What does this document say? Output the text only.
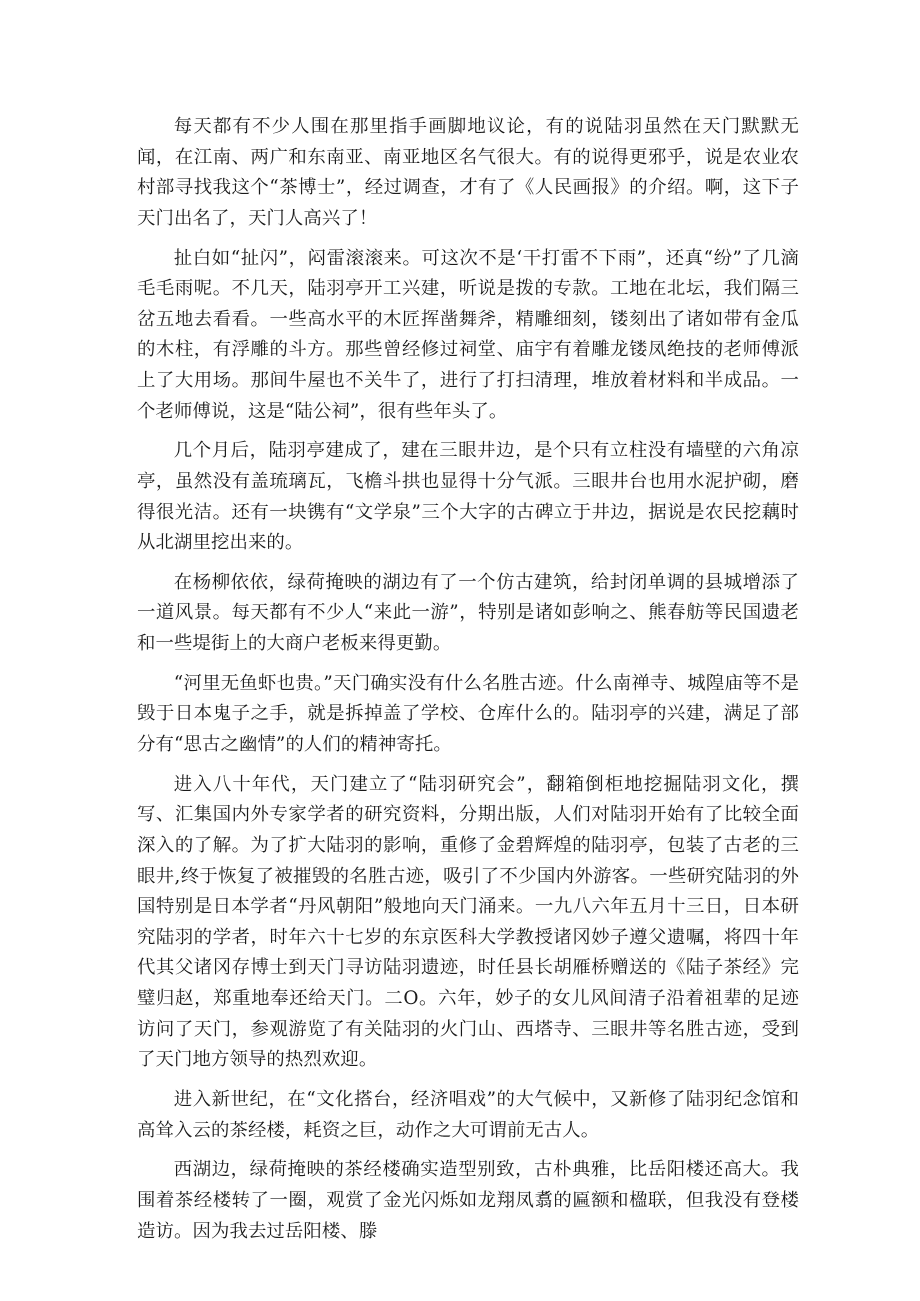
每天都有不少人围在那里指手画脚地议论，有的说陆羽虽然在天门默默无闻，在江南、两广和东南亚、南亚地区名气很大。有的说得更邪乎，说是农业农村部寻找我这个“茶博士”，经过调查，才有了《人民画报》的介绍。啊，这下子天门出名了，天门人高兴了！

扯白如“扯闪”，闷雷滚滚来。可这次不是‘干打雷不下雨”，还真“纷”了几滴毛毛雨呢。不几天，陆羽亭开工兴建，听说是拨的专款。工地在北坛，我们隔三岔五地去看看。一些高水平的木匠挥凿舞斧，精雕细刻，镂刻出了诸如带有金瓜的木柱，有浮雕的斗方。那些曾经修过祠堂、庙宇有着雕龙镂凤绝技的老师傅派上了大用场。那间牛屋也不关牛了，进行了打扫清理，堆放着材料和半成品。一个老师傅说，这是“陆公祠”，很有些年头了。

几个月后，陆羽亭建成了，建在三眼井边，是个只有立柱没有墙壁的六角凉亭，虽然没有盖琉璃瓦，飞檐斗拱也显得十分气派。三眼井台也用水泥护砌，磨得很光洁。还有一块镌有“文学泉”三个大字的古碑立于井边，据说是农民挖藕时从北湖里挖出来的。

在杨柳依依，绿荷掩映的湖边有了一个仿古建筑，给封闭单调的县城增添了一道风景。每天都有不少人“来此一游”，特别是诸如彭响之、熊春舫等民国遗老和一些堤街上的大商户老板来得更勤。

“河里无鱼虾也贵。”天门确实没有什么名胜古迹。什么南禅寺、城隍庙等不是毁于日本鬼子之手，就是拆掉盖了学校、仓库什么的。陆羽亭的兴建，满足了部分有“思古之幽情”的人们的精神寄托。

进入八十年代，天门建立了“陆羽研究会”，翻箱倒柜地挖掘陆羽文化，撰写、汇集国内外专家学者的研究资料，分期出版，人们对陆羽开始有了比较全面深入的了解。为了扩大陆羽的影响，重修了金碧辉煌的陆羽亭，包装了古老的三眼井,终于恢复了被摧毁的名胜古迹，吸引了不少国内外游客。一些研究陆羽的外国特别是日本学者“丹风朝阳”般地向天门涌来。一九八六年五月十三日，日本研究陆羽的学者，时年六十七岁的东京医科大学教授诸冈妙子遵父遗嘱，将四十年代其父诸冈存博士到天门寻访陆羽遗迹，时任县长胡雁桥赠送的《陆子茶经》完璧归赵，郑重地奉还给天门。二O。六年，妙子的女儿风间清子沿着祖辈的足迹访问了天门，参观游览了有关陆羽的火门山、西塔寺、三眼井等名胜古迹，受到了天门地方领导的热烈欢迎。

进入新世纪，在“文化搭台，经济唱戏”的大气候中，又新修了陆羽纪念馆和高耸入云的茶经楼，耗资之巨，动作之大可谓前无古人。

西湖边，绿荷掩映的茶经楼确实造型别致，古朴典雅，比岳阳楼还高大。我围着茶经楼转了一圈，观赏了金光闪烁如龙翔凤翥的匾额和楹联，但我没有登楼造访。因为我去过岳阳楼、滕
